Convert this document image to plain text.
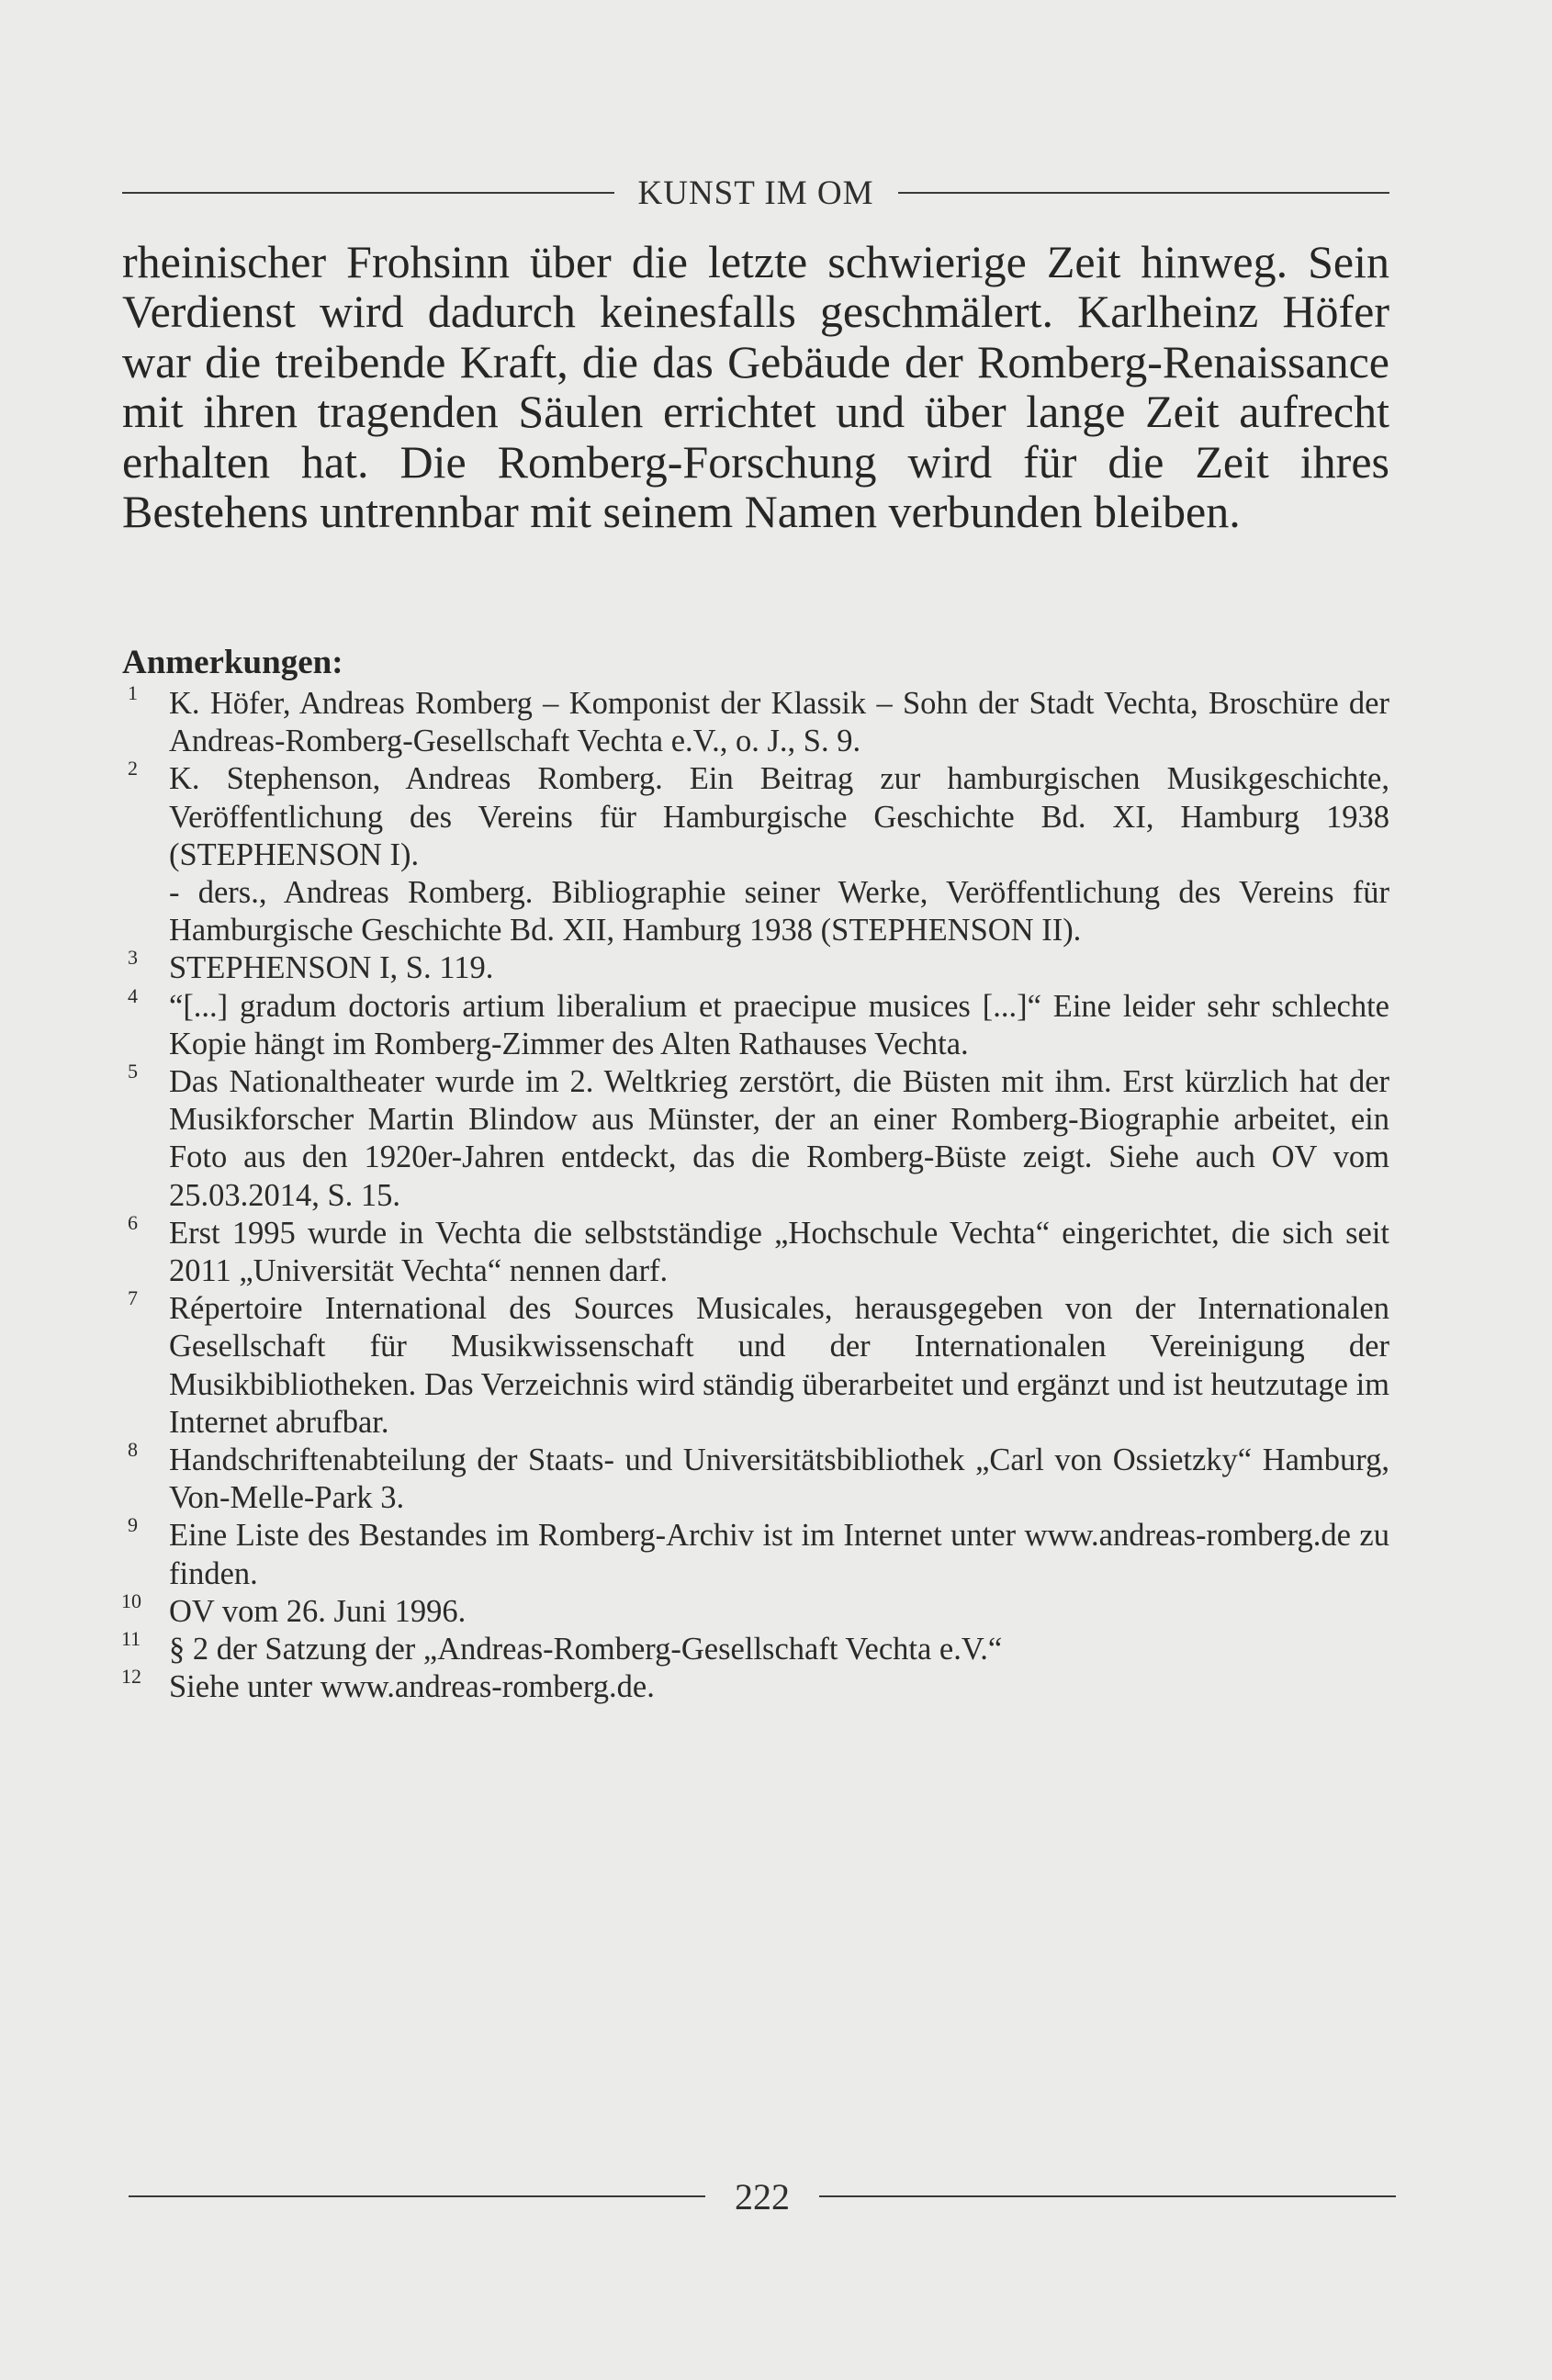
KUNST IM OM

rheinischer Frohsinn über die letzte schwierige Zeit hinweg. Sein Verdienst wird dadurch keinesfalls geschmälert. Karlheinz Höfer war die treibende Kraft, die das Gebäude der Romberg-Renaissance mit ihren tragenden Säulen errichtet und über lange Zeit aufrecht erhalten hat. Die Romberg-Forschung wird für die Zeit ihres Bestehens untrennbar mit seinem Namen verbunden bleiben.

Anmerkungen:
1 K. Höfer, Andreas Romberg – Komponist der Klassik – Sohn der Stadt Vechta, Broschüre der Andreas-Romberg-Gesellschaft Vechta e.V., o. J., S. 9.
2 K. Stephenson, Andreas Romberg. Ein Beitrag zur hamburgischen Musikgeschichte, Veröffentlichung des Vereins für Hamburgische Geschichte Bd. XI, Hamburg 1938 (STEPHENSON I).
- ders., Andreas Romberg. Bibliographie seiner Werke, Veröffentlichung des Vereins für Hamburgische Geschichte Bd. XII, Hamburg 1938 (STEPHENSON II).
3 STEPHENSON I, S. 119.
4 “[...] gradum doctoris artium liberalium et praecipue musices [...]“ Eine leider sehr schlechte Kopie hängt im Romberg-Zimmer des Alten Rathauses Vechta.
5 Das Nationaltheater wurde im 2. Weltkrieg zerstört, die Büsten mit ihm. Erst kürzlich hat der Musikforscher Martin Blindow aus Münster, der an einer Romberg-Biographie arbeitet, ein Foto aus den 1920er-Jahren entdeckt, das die Romberg-Büste zeigt. Siehe auch OV vom 25.03.2014, S. 15.
6 Erst 1995 wurde in Vechta die selbstständige „Hochschule Vechta“ eingerichtet, die sich seit 2011 „Universität Vechta“ nennen darf.
7 Répertoire International des Sources Musicales, herausgegeben von der Internationalen Gesellschaft für Musikwissenschaft und der Internationalen Vereinigung der Musikbibliotheken. Das Verzeichnis wird ständig überarbeitet und ergänzt und ist heutzutage im Internet abrufbar.
8 Handschriftenabteilung der Staats- und Universitätsbibliothek „Carl von Ossietzky“ Hamburg, Von-Melle-Park 3.
9 Eine Liste des Bestandes im Romberg-Archiv ist im Internet unter www.andreas-romberg.de zu finden.
10 OV vom 26. Juni 1996.
11 § 2 der Satzung der „Andreas-Romberg-Gesellschaft Vechta e.V.“
12 Siehe unter www.andreas-romberg.de.
222
